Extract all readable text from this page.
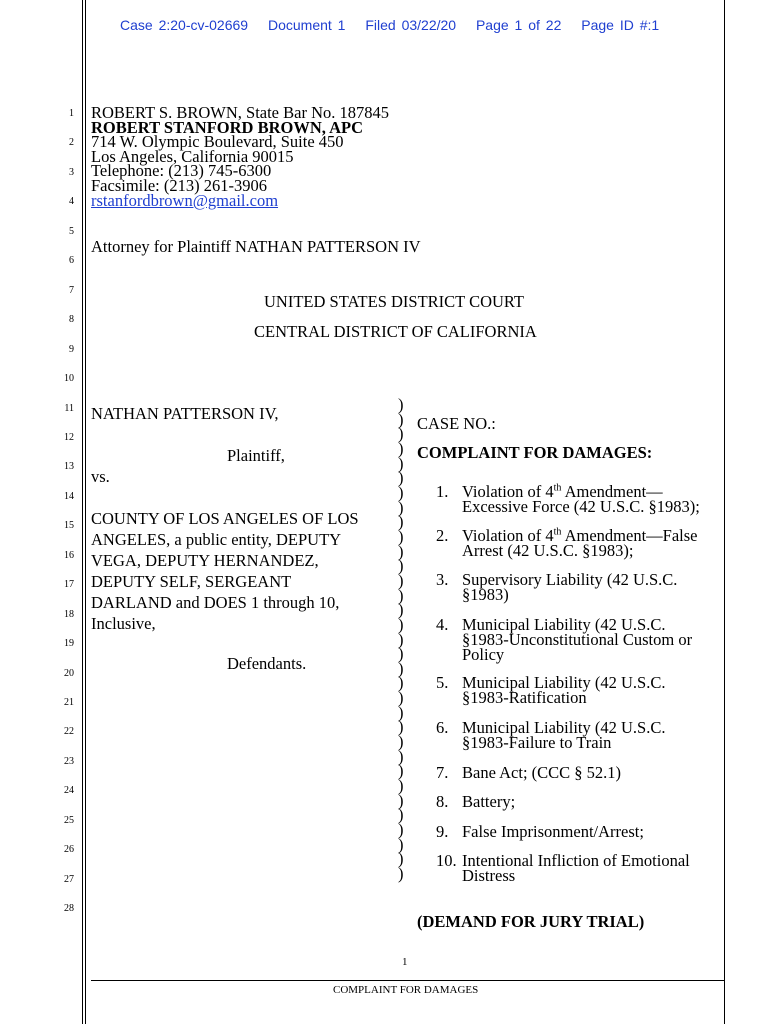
Case 2:20-cv-02669 Document 1 Filed 03/22/20 Page 1 of 22 Page ID #:1
1
2
3
4
5
6
7
8
9
10
11
12
13
14
15
16
17
18
19
20
21
22
23
24
25
26
27
28
ROBERT S. BROWN, State Bar No. 187845
ROBERT STANFORD BROWN, APC
714 W. Olympic Boulevard, Suite 450
Los Angeles, California 90015
Telephone: (213) 745-6300
Facsimile: (213) 261-3906
rstanfordbrown@gmail.com
Attorney for Plaintiff NATHAN PATTERSON IV
UNITED STATES DISTRICT COURT
CENTRAL DISTRICT OF CALIFORNIA
NATHAN PATTERSON IV,
Plaintiff,
vs.
COUNTY OF LOS ANGELES OF LOS
ANGELES, a public entity, DEPUTY
VEGA, DEPUTY HERNANDEZ,
DEPUTY SELF, SERGEANT
DARLAND and DOES 1 through 10,
Inclusive,
Defendants.
)
)
)
)
)
)
)
)
)
)
)
)
)
)
)
)
)
)
)
)
)
)
)
)
)
)
)
)
)
)
)
)
)
CASE NO.:
COMPLAINT FOR DAMAGES:
1. Violation of 4th Amendment—
Excessive Force (42 U.S.C. §1983);
2. Violation of 4th Amendment—False
Arrest (42 U.S.C. §1983);
3. Supervisory Liability (42 U.S.C.
§1983)
4. Municipal Liability (42 U.S.C.
§1983-Unconstitutional Custom or
Policy
5. Municipal Liability (42 U.S.C.
§1983-Ratification
6. Municipal Liability (42 U.S.C.
§1983-Failure to Train
7. Bane Act; (CCC § 52.1)
8. Battery;
9. False Imprisonment/Arrest;
10. Intentional Infliction of Emotional
Distress
(DEMAND FOR JURY TRIAL)
1
COMPLAINT FOR DAMAGES
